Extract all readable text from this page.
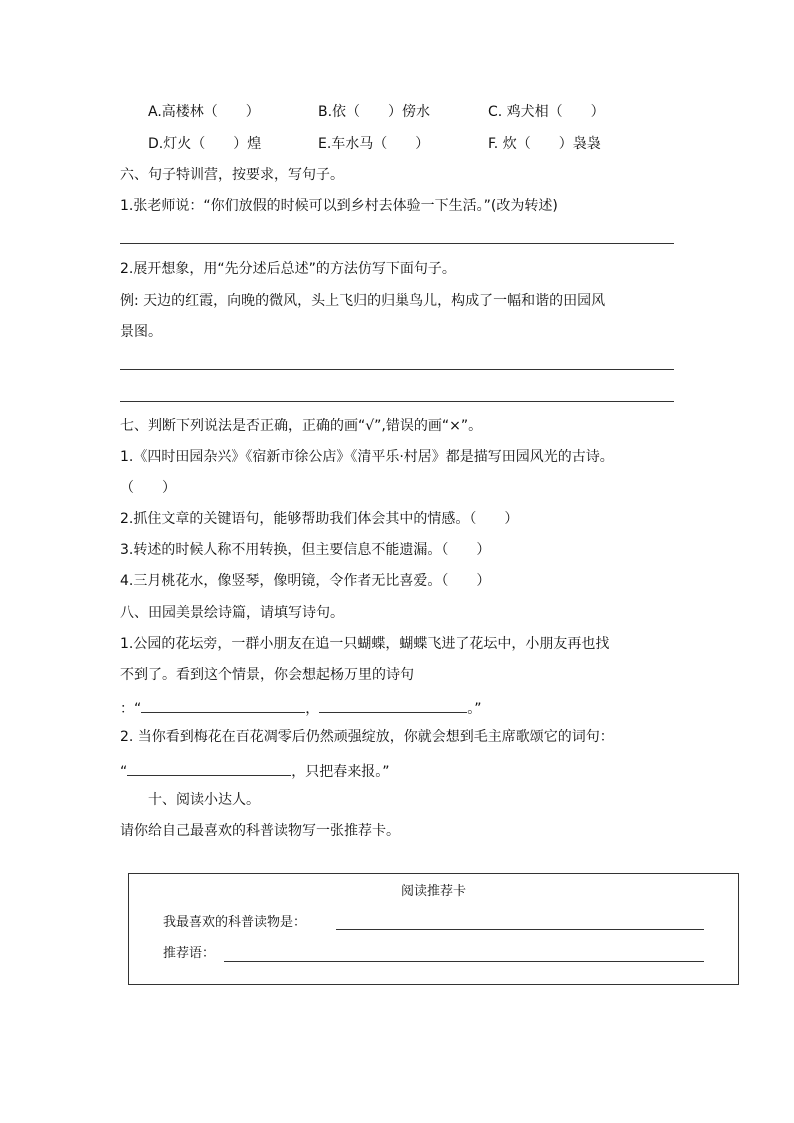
A.高楼林（　　）	B.依（　　）傍水	C. 鸡犬相（　　）
D.灯火（　　）煌	E.车水马（　　）	F. 炊（　　）袅袅
六、句子特训营，按要求，写句子。
1.张老师说：“你们放假的时候可以到乡村去体验一下生活。”(改为转述)
2.展开想象，用“先分述后总述”的方法仿写下面句子。
例: 天边的红霞，向晚的微风，头上飞归的归巢鸟儿，构成了一幅和谐的田园风
景图。
七、判断下列说法是否正确，正确的画“√”,错误的画“×”。
1.《四时田园杂兴》《宿新市徐公店》《清平乐·村居》都是描写田园风光的古诗。
（　　）
2.抓住文章的关键语句，能够帮助我们体会其中的情感。（　　）
3.转述的时候人称不用转换，但主要信息不能遗漏。（　　）
4.三月桃花水，像竖琴，像明镜，令作者无比喜爱。（　　）
八、田园美景绘诗篇，请填写诗句。
1.公园的花坛旁，一群小朋友在追一只蝴蝶，蝴蝶飞进了花坛中，小朋友再也找
不到了。看到这个情景，你会想起杨万里的诗句
：“	，	。”
2. 当你看到梅花在百花凋零后仍然顽强绽放，你就会想到毛主席歌颂它的词句：
“	，只把春来报。”
十、阅读小达人。
请你给自己最喜欢的科普读物写一张推荐卡。
阅读推荐卡
我最喜欢的科普读物是：
推荐语：
